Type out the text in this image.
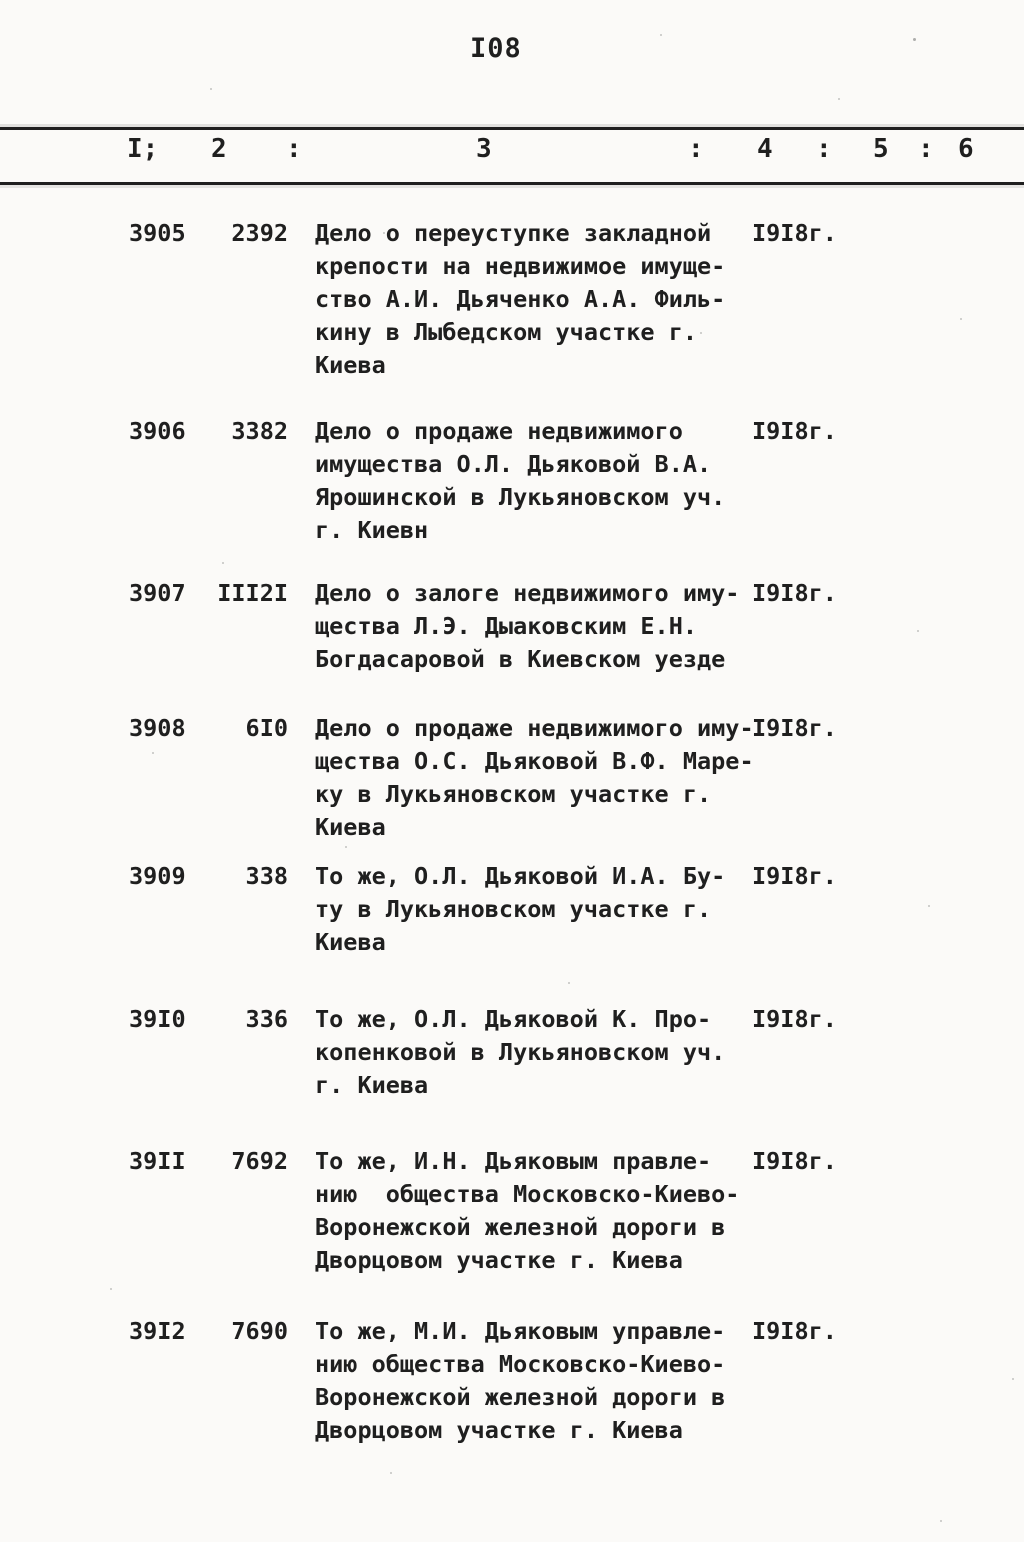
I08
I; 2 :	3	: 4 : 5 : 6
3905	2392 Дело о переуступке закладной
крепости на недвижимое имуще-
ство А.И. Дьяченко А.А. Филь-
кину в Лыбедском участке г.
Киева
I9I8г.
3906	3382 Дело о продаже недвижимого
имущества О.Л. Дьяковой В.А.
Ярошинской в Лукьяновском уч.
г. Киевн
I9I8г.
3907	III2I Дело о залоге недвижимого иму-
щества Л.Э. Дыаковским Е.Н.
Богдасаровой в Киевском уезде
I9I8г.
3908	6I0 Дело о продаже недвижимого иму-
щества О.С. Дьяковой В.Ф. Маре-
ку в Лукьяновском участке г.
Киева
I9I8г.
3909	338 То же, О.Л. Дьяковой И.А. Бу-
ту в Лукьяновском участке г.
Киева
I9I8г.
39I0	336 То же, О.Л. Дьяковой К. Про-
копенковой в Лукьяновском уч.
г. Киева
I9I8г.
39II	7692 То же, И.Н. Дьяковым правле-
нию  общества Московско-Киево-
Воронежской железной дороги в
Дворцовом участке г. Киева
I9I8г.
39I2	7690 То же, М.И. Дьяковым управле-
нию общества Московско-Киево-
Воронежской железной дороги в
Дворцовом участке г. Киева
I9I8г.
